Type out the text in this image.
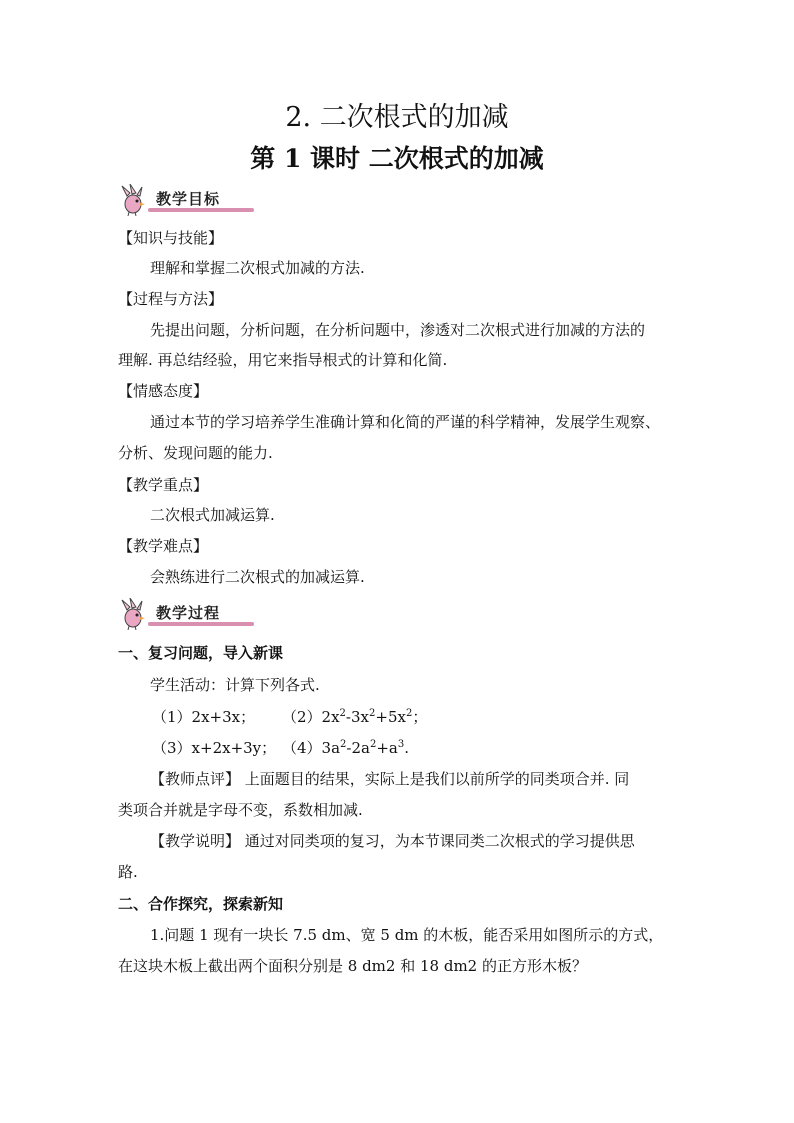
2. 二次根式的加减
第 1 课时 二次根式的加减
教学目标
【知识与技能】
理解和掌握二次根式加减的方法.
【过程与方法】
先提出问题，分析问题，在分析问题中，渗透对二次根式进行加减的方法的
理解. 再总结经验，用它来指导根式的计算和化简.
【情感态度】
通过本节的学习培养学生准确计算和化简的严谨的科学精神，发展学生观察、
分析、发现问题的能力.
【教学重点】
二次根式加减运算.
【教学难点】
会熟练进行二次根式的加减运算.
教学过程
一、复习问题，导入新课
学生活动：计算下列各式.
（1）2x+3x； $(2)2x^2-3x^2+5x^2$；
（3）x+2x+3y； $(4)3a^2-2a^2+a^3$.
【教师点评】 上面题目的结果，实际上是我们以前所学的同类项合并. 同
类项合并就是字母不变，系数相加减.
【教学说明】 通过对同类项的复习，为本节课同类二次根式的学习提供思
路.
二、合作探究，探索新知
1.问题 1 现有一块长 7.5 dm、宽 5 dm 的木板，能否采用如图所示的方式，
在这块木板上截出两个面积分别是 8 dm2 和 18 dm2 的正方形木板？
